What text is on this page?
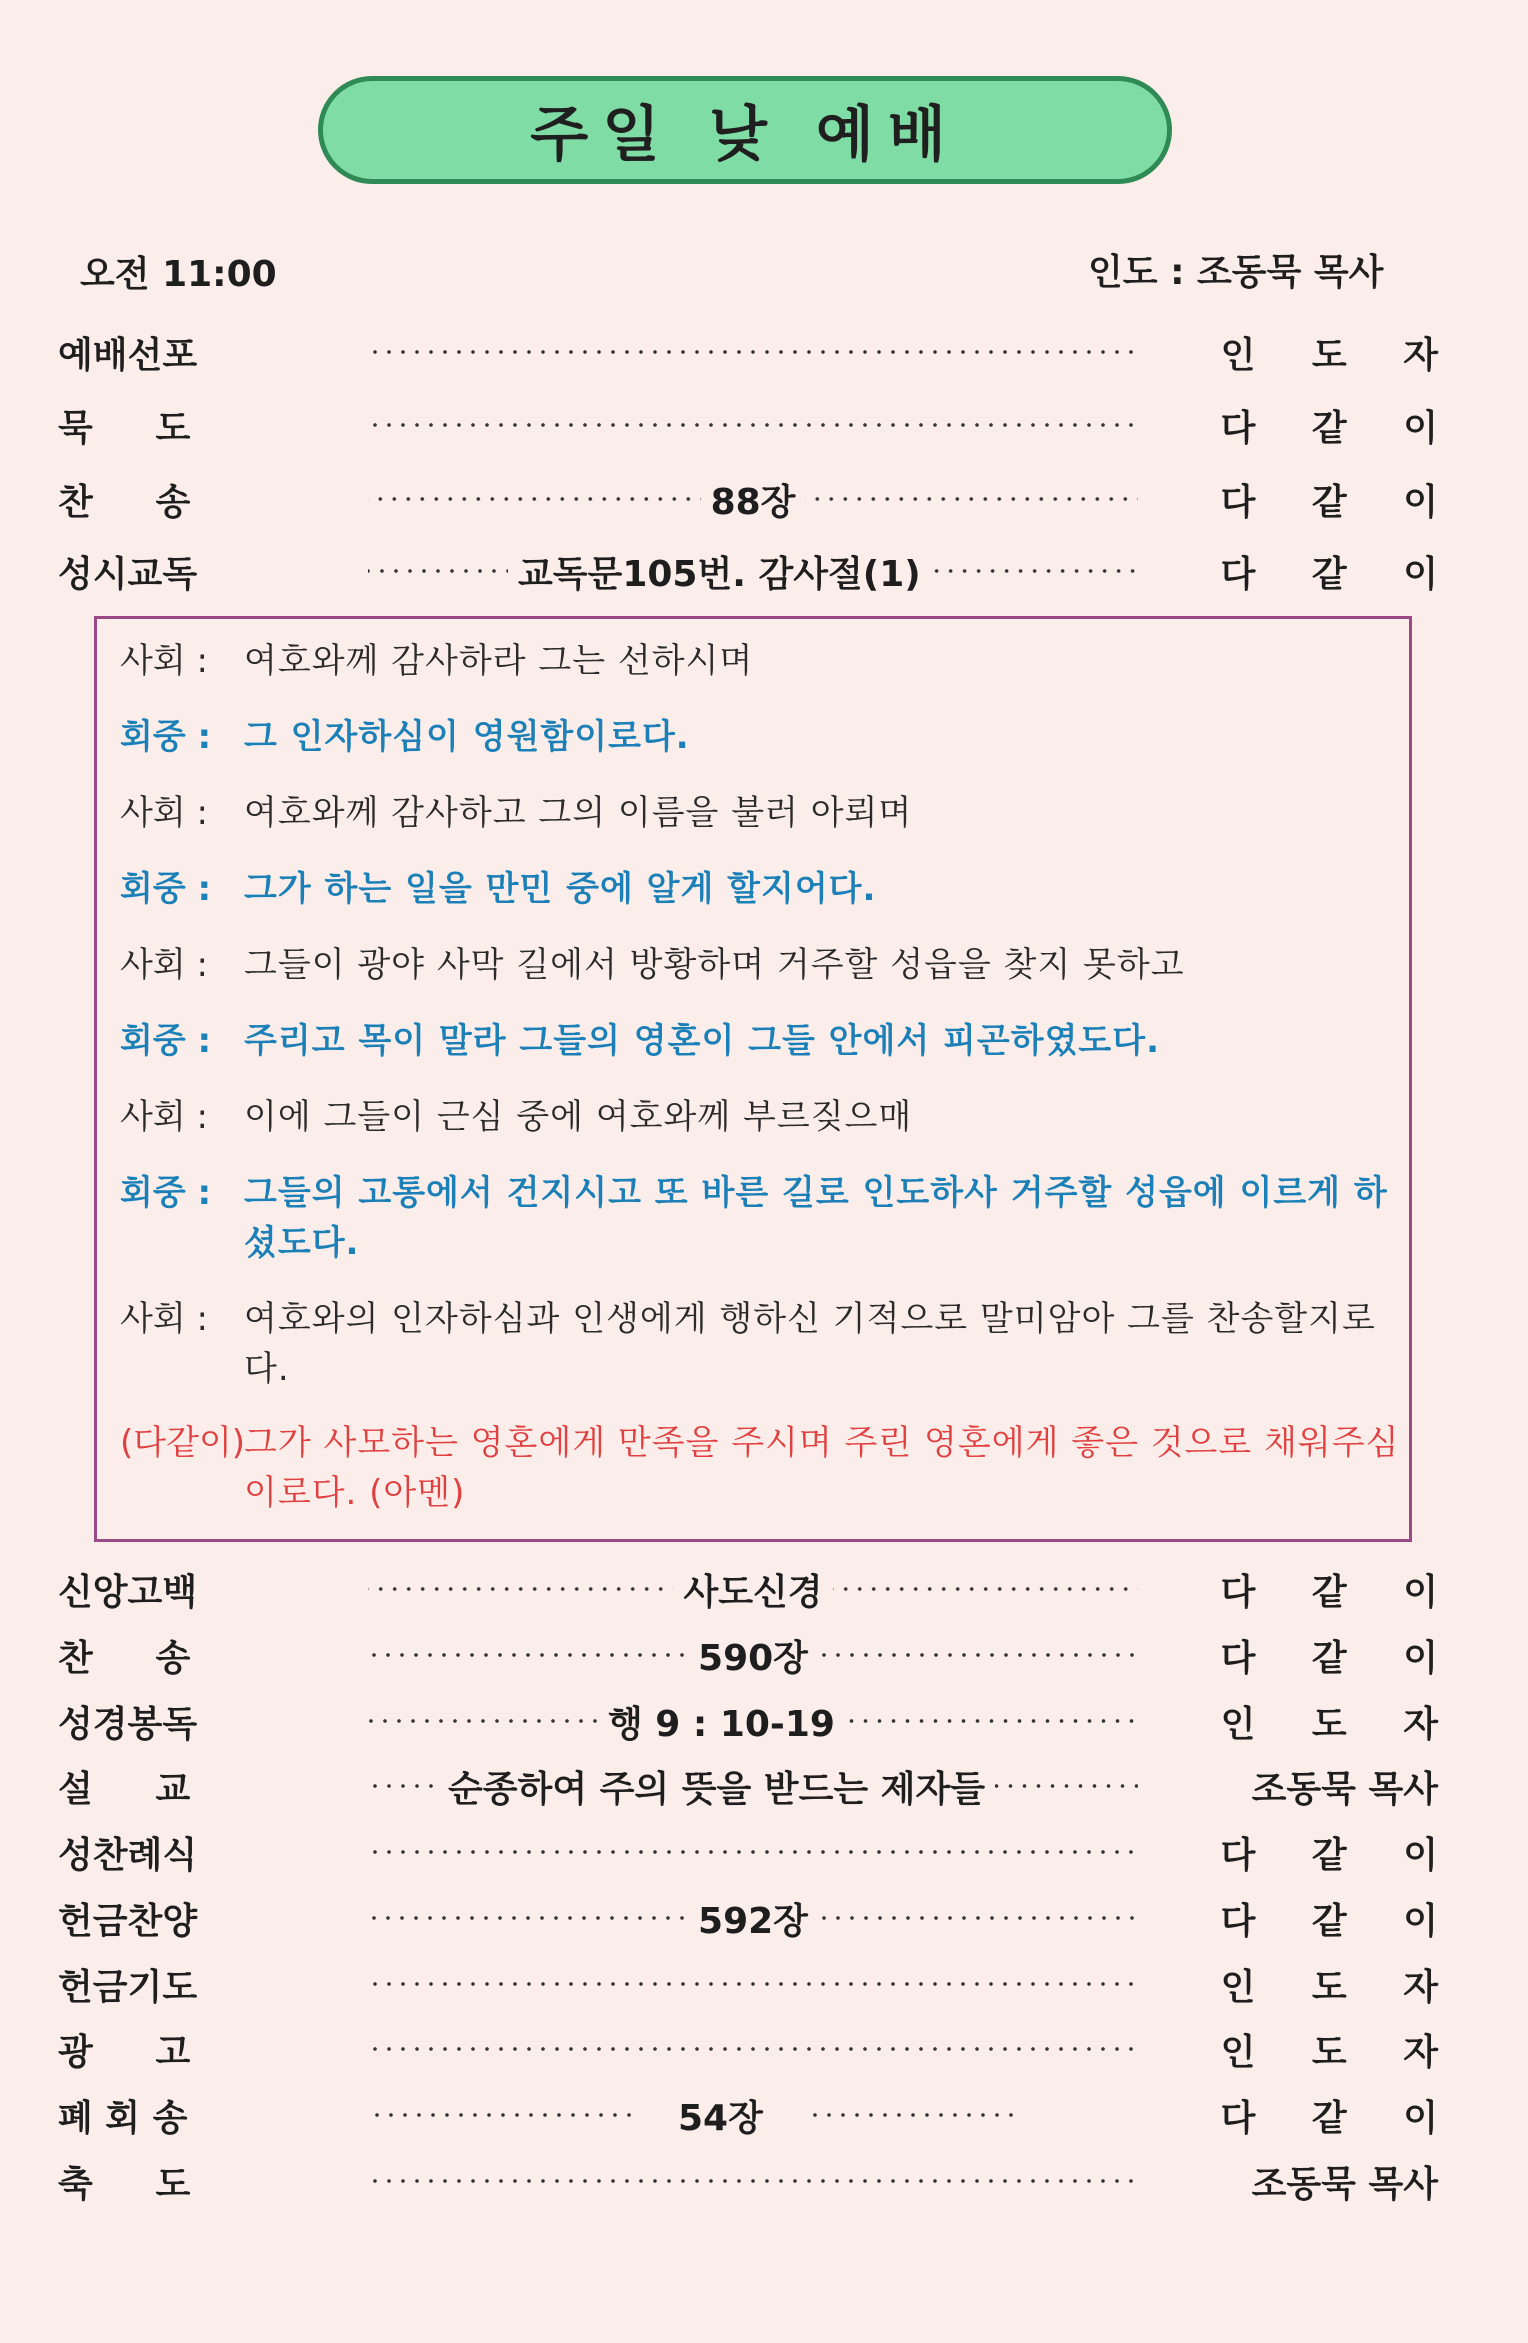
주일 낮 예배
오전 11:00	인도 : 조동묵 목사
예배선포	인 도 자
묵     도	다 같 이
찬     송	88장	다 같 이
성시교독	교독문105번. 감사절(1)	다 같 이
사회 :	여호와께 감사하라 그는 선하시며
회중 : 그 인자하심이 영원함이로다.
사회 :	여호와께 감사하고 그의 이름을 불러 아뢰며
회중 : 그가 하는 일을 만민 중에 알게 할지어다.
사회 :	그들이 광야 사막 길에서 방황하며 거주할 성읍을 찾지 못하고
회중 : 주리고 목이 말라 그들의 영혼이 그들 안에서 피곤하였도다.
사회 :	이에 그들이 근심 중에 여호와께 부르짖으매
회중 : 그들의 고통에서 건지시고 또 바른 길로 인도하사 거주할 성읍에 이르게 하셨도다.
사회 :	여호와의 인자하심과 인생에게 행하신 기적으로 말미암아 그를 찬송할지로다.
(다같이)
그가 사모하는 영혼에게 만족을 주시며 주린 영혼에게 좋은 것으로 채워주심이로다. (아멘)
신앙고백	사도신경	다 같 이
찬     송	590장	다 같 이
성경봉독	행 9 : 10-19	인 도 자
설     교	순종하여 주의 뜻을 받드는 제자들	조동묵 목사
성찬례식	다 같 이
헌금찬양	592장	다 같 이
헌금기도	인 도 자
광     고	인 도 자
폐 회 송	54장	다 같 이
축     도	조동묵 목사
